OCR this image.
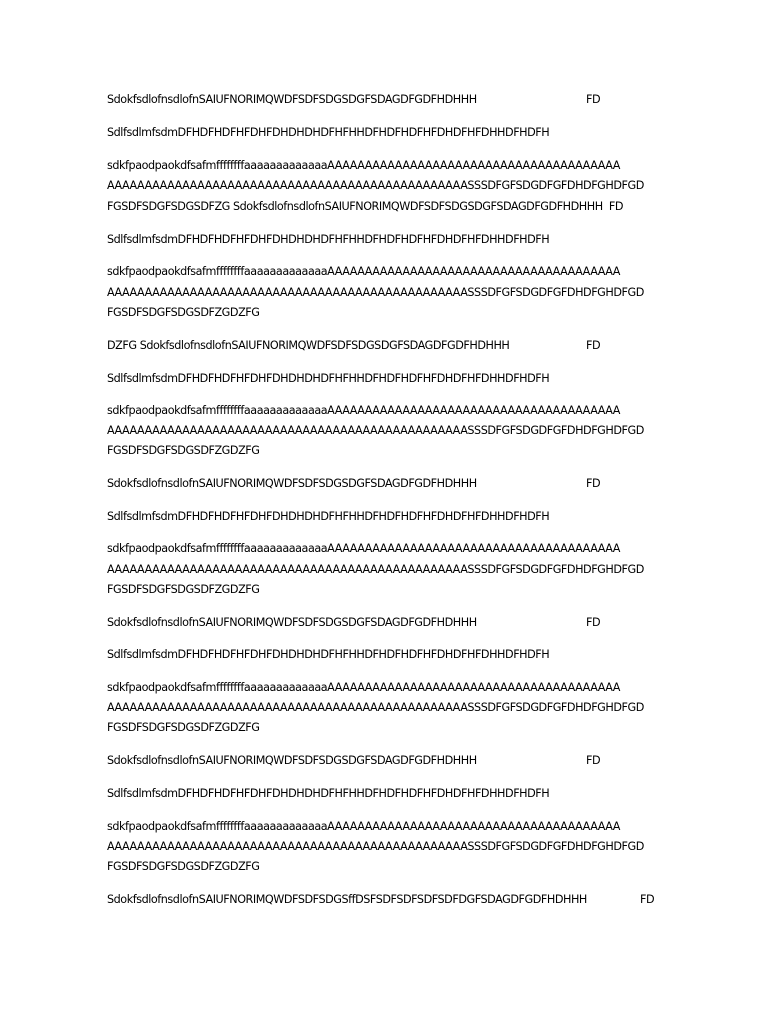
SdokfsdlofnsdlofnSAIUFNORIMQWDFSDFSDGSDGFSDAGDFGDFHDHHH	FD
SdlfsdlmfsdmDFHDFHDFHFDHFDHDHDHDFHFHHDFHDFHDFHFDHDFHFDHHDFHDFH
sdkfpaodpaokdfsafmffffffffaaaaaaaaaaaaaAAAAAAAAAAAAAAAAAAAAAAAAAAAAAAAAAAAAAAA
AAAAAAAAAAAAAAAAAAAAAAAAAAAAAAAAAAAAAAAAAAAAAAAASSSDFGFSDGDFGFDHDFGHDFGD
FGSDFSDGFSDGSDFZG SdokfsdlofnsdlofnSAIUFNORIMQWDFSDFSDGSDGFSDAGDFGDFHDHHH  FD
SdlfsdlmfsdmDFHDFHDFHFDHFDHDHDHDFHFHHDFHDFHDFHFDHDFHFDHHDFHDFH
sdkfpaodpaokdfsafmffffffffaaaaaaaaaaaaaAAAAAAAAAAAAAAAAAAAAAAAAAAAAAAAAAAAAAAA
AAAAAAAAAAAAAAAAAAAAAAAAAAAAAAAAAAAAAAAAAAAAAAAASSSDFGFSDGDFGFDHDFGHDFGD
FGSDFSDGFSDGSDFZGDZFG
DZFG SdokfsdlofnsdlofnSAIUFNORIMQWDFSDFSDGSDGFSDAGDFGDFHDHHH	FD
SdlfsdlmfsdmDFHDFHDFHFDHFDHDHDHDFHFHHDFHDFHDFHFDHDFHFDHHDFHDFH
sdkfpaodpaokdfsafmffffffffaaaaaaaaaaaaaAAAAAAAAAAAAAAAAAAAAAAAAAAAAAAAAAAAAAAA
AAAAAAAAAAAAAAAAAAAAAAAAAAAAAAAAAAAAAAAAAAAAAAAASSSDFGFSDGDFGFDHDFGHDFGD
FGSDFSDGFSDGSDFZGDZFG
SdokfsdlofnsdlofnSAIUFNORIMQWDFSDFSDGSDGFSDAGDFGDFHDHHH	FD
SdlfsdlmfsdmDFHDFHDFHFDHFDHDHDHDFHFHHDFHDFHDFHFDHDFHFDHHDFHDFH
sdkfpaodpaokdfsafmffffffffaaaaaaaaaaaaaAAAAAAAAAAAAAAAAAAAAAAAAAAAAAAAAAAAAAAA
AAAAAAAAAAAAAAAAAAAAAAAAAAAAAAAAAAAAAAAAAAAAAAAASSSDFGFSDGDFGFDHDFGHDFGD
FGSDFSDGFSDGSDFZGDZFG
SdokfsdlofnsdlofnSAIUFNORIMQWDFSDFSDGSDGFSDAGDFGDFHDHHH	FD
SdlfsdlmfsdmDFHDFHDFHFDHFDHDHDHDFHFHHDFHDFHDFHFDHDFHFDHHDFHDFH
sdkfpaodpaokdfsafmffffffffaaaaaaaaaaaaaAAAAAAAAAAAAAAAAAAAAAAAAAAAAAAAAAAAAAAA
AAAAAAAAAAAAAAAAAAAAAAAAAAAAAAAAAAAAAAAAAAAAAAAASSSDFGFSDGDFGFDHDFGHDFGD
FGSDFSDGFSDGSDFZGDZFG
SdokfsdlofnsdlofnSAIUFNORIMQWDFSDFSDGSDGFSDAGDFGDFHDHHH	FD
SdlfsdlmfsdmDFHDFHDFHFDHFDHDHDHDFHFHHDFHDFHDFHFDHDFHFDHHDFHDFH
sdkfpaodpaokdfsafmffffffffaaaaaaaaaaaaaAAAAAAAAAAAAAAAAAAAAAAAAAAAAAAAAAAAAAAA
AAAAAAAAAAAAAAAAAAAAAAAAAAAAAAAAAAAAAAAAAAAAAAAASSSDFGFSDGDFGFDHDFGHDFGD
FGSDFSDGFSDGSDFZGDZFG
SdokfsdlofnsdlofnSAIUFNORIMQWDFSDFSDGSffDSFSDFSDFSDFSDFDGFSDAGDFGDFHDHHH	FD
